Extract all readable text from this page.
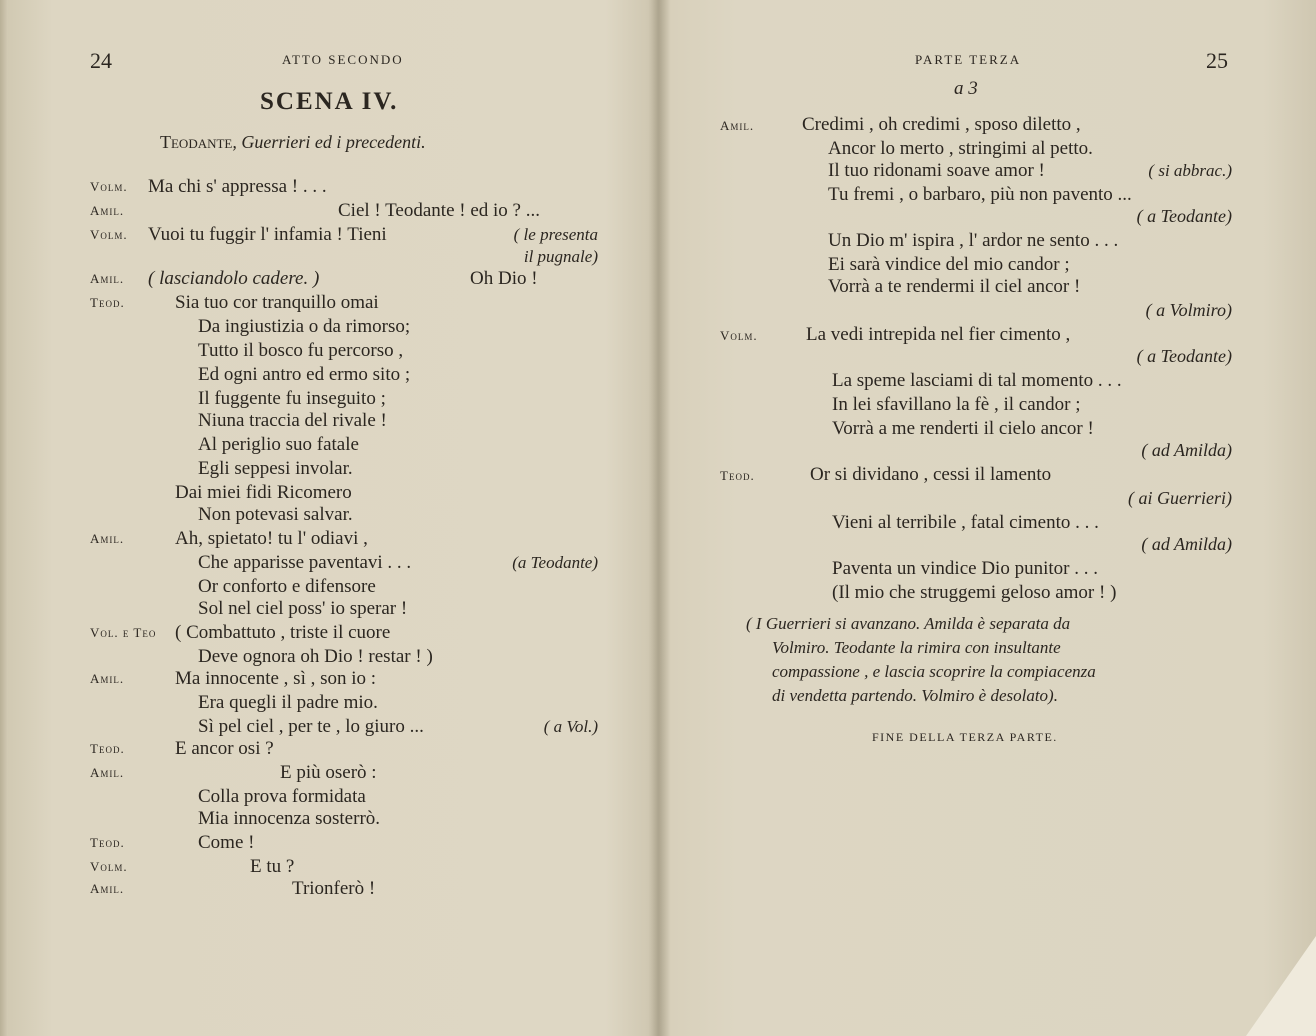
24	ATTO SECONDO
SCENA IV.
Teodante, Guerrieri ed i precedenti.
Volm. Ma chi s' appressa ! . . .
Amil.	Ciel ! Teodante ! ed io ? ...
Volm. Vuoi tu fuggir l' infamia ! Tieni	( le presenta
il pugnale)
Amil. ( lasciandolo cadere. )	Oh Dio !
Teod.	Sia tuo cor tranquillo omai
Da ingiustizia o da rimorso;
Tutto il bosco fu percorso ,
Ed ogni antro ed ermo sito ;
Il fuggente fu inseguito ;
Niuna traccia del rivale !
Al periglio suo fatale
Egli seppesi involar.
Dai miei fidi Ricomero
Non potevasi salvar.
Amil.	Ah, spietato! tu l' odiavi ,
Che apparisse paventavi . . .	(a Teodante)
Or conforto e difensore
Sol nel ciel poss' io sperar !
Vol. e Teo ( Combattuto , triste il cuore
Deve ognora oh Dio ! restar ! )
Amil.	Ma innocente , sì , son io :
Era quegli il padre mio.
Sì pel ciel , per te , lo giuro ...	( a Vol.)
Teod.	E ancor osi ?
Amil.	E più oserò :
Colla prova formidata
Mia innocenza sosterrò.
Teod.	Come !
Volm.	E tu ?
Amil.	Trionferò !
PARTE TERZA	25
a 3
Amil.	Credimi , oh credimi , sposo diletto ,
Ancor lo merto , stringimi al petto.
Il tuo ridonami soave amor !	( si abbrac.)
Tu fremi , o barbaro, più non pavento ...
( a Teodante)
Un Dio m' ispira , l' ardor ne sento . . .
Ei sarà vindice del mio candor ;
Vorrà a te rendermi il ciel ancor !
( a Volmiro)
Volm.	La vedi intrepida nel fier cimento ,
( a Teodante)
La speme lasciami di tal momento . . .
In lei sfavillano la fè , il candor ;
Vorrà a me renderti il cielo ancor !
( ad Amilda)
Teod.	Or si dividano , cessi il lamento
( ai Guerrieri)
Vieni al terribile , fatal cimento . . .
( ad Amilda)
Paventa un vindice Dio punitor . . .
(Il mio che struggemi geloso amor ! )
( I Guerrieri si avanzano. Amilda è separata da
Volmiro. Teodante la rimira con insultante
compassione , e lascia scoprire la compiacenza
di vendetta partendo. Volmiro è desolato).
FINE DELLA TERZA PARTE.
